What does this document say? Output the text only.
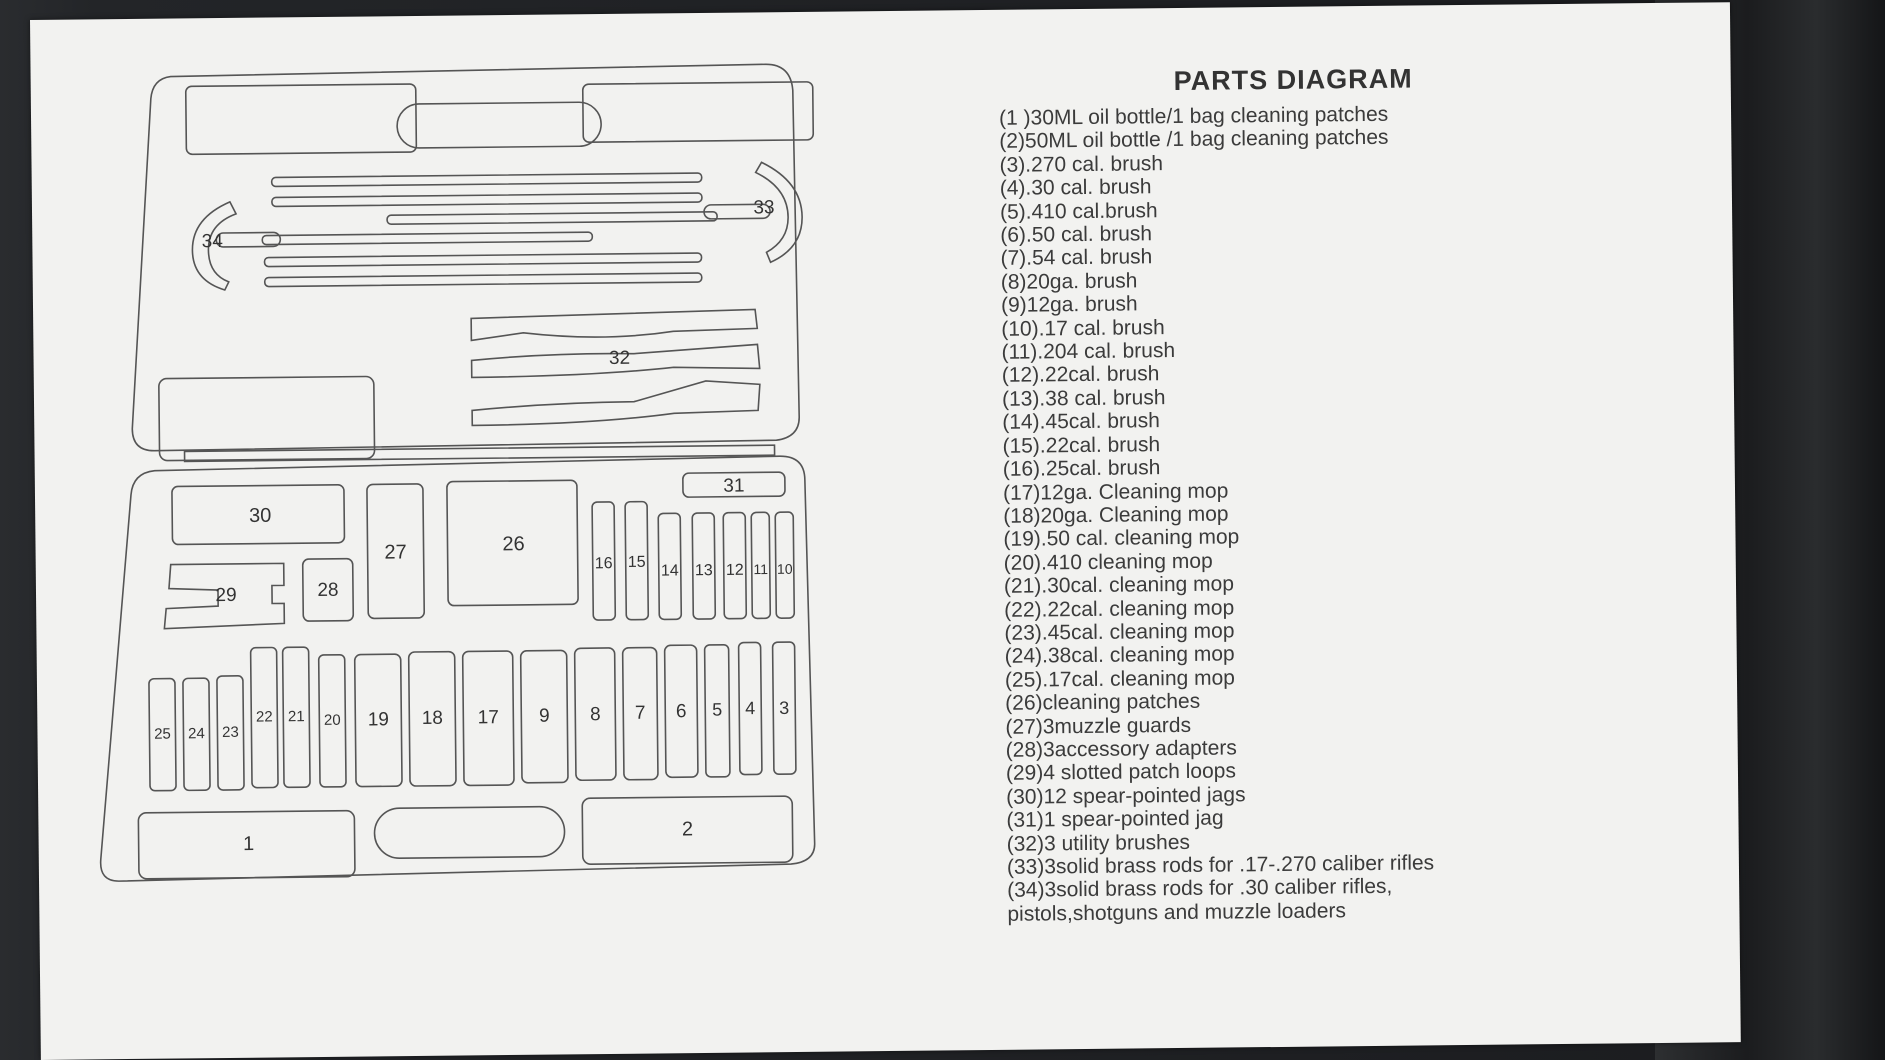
33
34
32
30
31
27	26
29	28
16 15
14 13 12 11 10
25 24 23
22 21 20 19 18 17 9 8 7 6 5 4 3
1
2
PARTS DIAGRAM
(1 )30ML oil bottle/1 bag cleaning patches
(2)50ML oil bottle /1 bag cleaning patches
(3).270 cal. brush
(4).30 cal. brush
(5).410 cal.brush
(6).50 cal. brush
(7).54 cal. brush
(8)20ga. brush
(9)12ga. brush
(10).17 cal. brush
(11).204 cal. brush
(12).22cal. brush
(13).38 cal. brush
(14).45cal. brush
(15).22cal. brush
(16).25cal. brush
(17)12ga. Cleaning mop
(18)20ga. Cleaning mop
(19).50 cal. cleaning mop
(20).410 cleaning mop
(21).30cal. cleaning mop
(22).22cal. cleaning mop
(23).45cal. cleaning mop
(24).38cal. cleaning mop
(25).17cal. cleaning mop
(26)cleaning patches
(27)3muzzle guards
(28)3accessory adapters
(29)4 slotted patch loops
(30)12 spear-pointed jags
(31)1 spear-pointed jag
(32)3 utility brushes
(33)3solid brass rods for .17-.270 caliber rifles
(34)3solid brass rods for .30 caliber rifles,
pistols,shotguns and muzzle loaders
